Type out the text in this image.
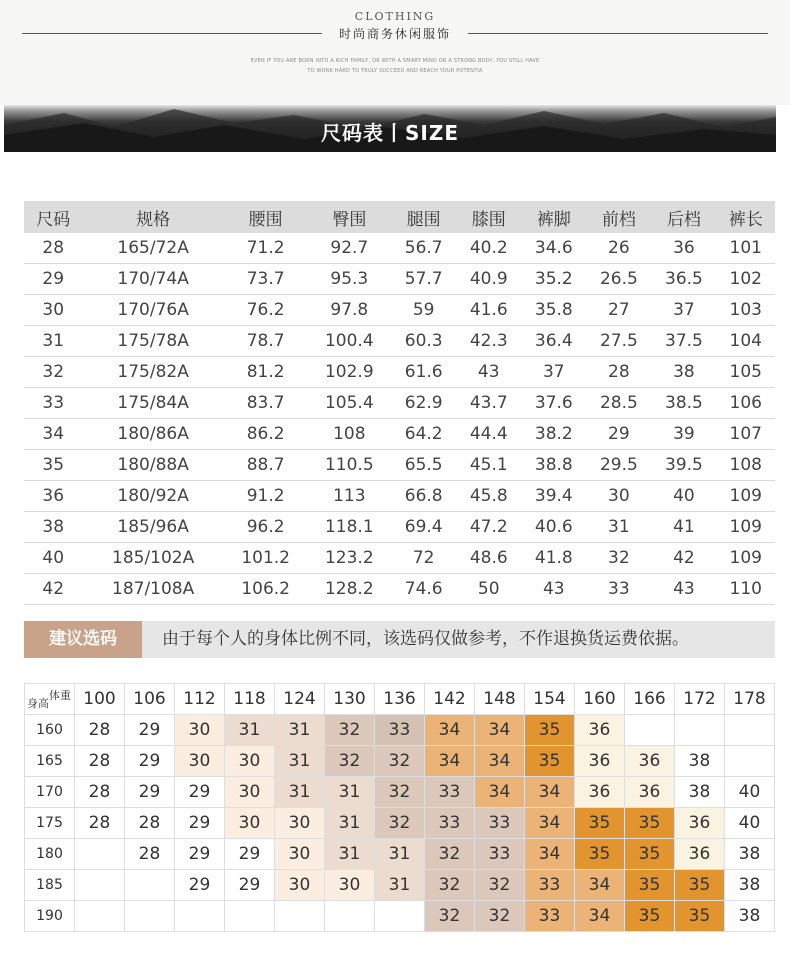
CLOTHING
时尚商务休闲服饰
EVEN IF YOU ARE BORN INTO A RICH FAMILY, OR WITH A SMART MIND OR A STRONG BODY, YOU STILL HAVE
TO WORK HARD TO TRULY SUCCEED AND REACH YOUR POTENTIA
尺码表丨SIZE
尺码	规格	腰围	臀围	腿围	膝围	裤脚	前档	后档	裤长
28	165/72A	71.2	92.7	56.7	40.2	34.6	26	36	101
29	170/74A	73.7	95.3	57.7	40.9	35.2	26.5	36.5	102
30	170/76A	76.2	97.8	59	41.6	35.8	27	37	103
31	175/78A	78.7	100.4	60.3	42.3	36.4	27.5	37.5	104
32	175/82A	81.2	102.9	61.6	43	37	28	38	105
33	175/84A	83.7	105.4	62.9	43.7	37.6	28.5	38.5	106
34	180/86A	86.2	108	64.2	44.4	38.2	29	39	107
35	180/88A	88.7	110.5	65.5	45.1	38.8	29.5	39.5	108
36	180/92A	91.2	113	66.8	45.8	39.4	30	40	109
38	185/96A	96.2	118.1	69.4	47.2	40.6	31	41	109
40	185/102A	101.2	123.2	72	48.6	41.8	32	42	109
42	187/108A	106.2	128.2	74.6	50	43	33	43	110
建议选码	由于每个人的身体比例不同，该选码仅做参考，不作退换货运费依据。
体重
身高	100	106	112	118	124	130	136	142	148	154	160	166	172	178
160	28	29	30	31	31	32	33	34	34	35	36			
165	28	29	30	30	31	32	32	34	34	35	36	36	38	
170	28	29	29	30	31	31	32	33	34	34	36	36	38	40
175	28	28	29	30	30	31	32	33	33	34	35	35	36	40
180		28	29	29	30	31	31	32	33	34	35	35	36	38
185			29	29	30	30	31	32	32	33	34	35	35	38
190								32	32	33	34	35	35	38
